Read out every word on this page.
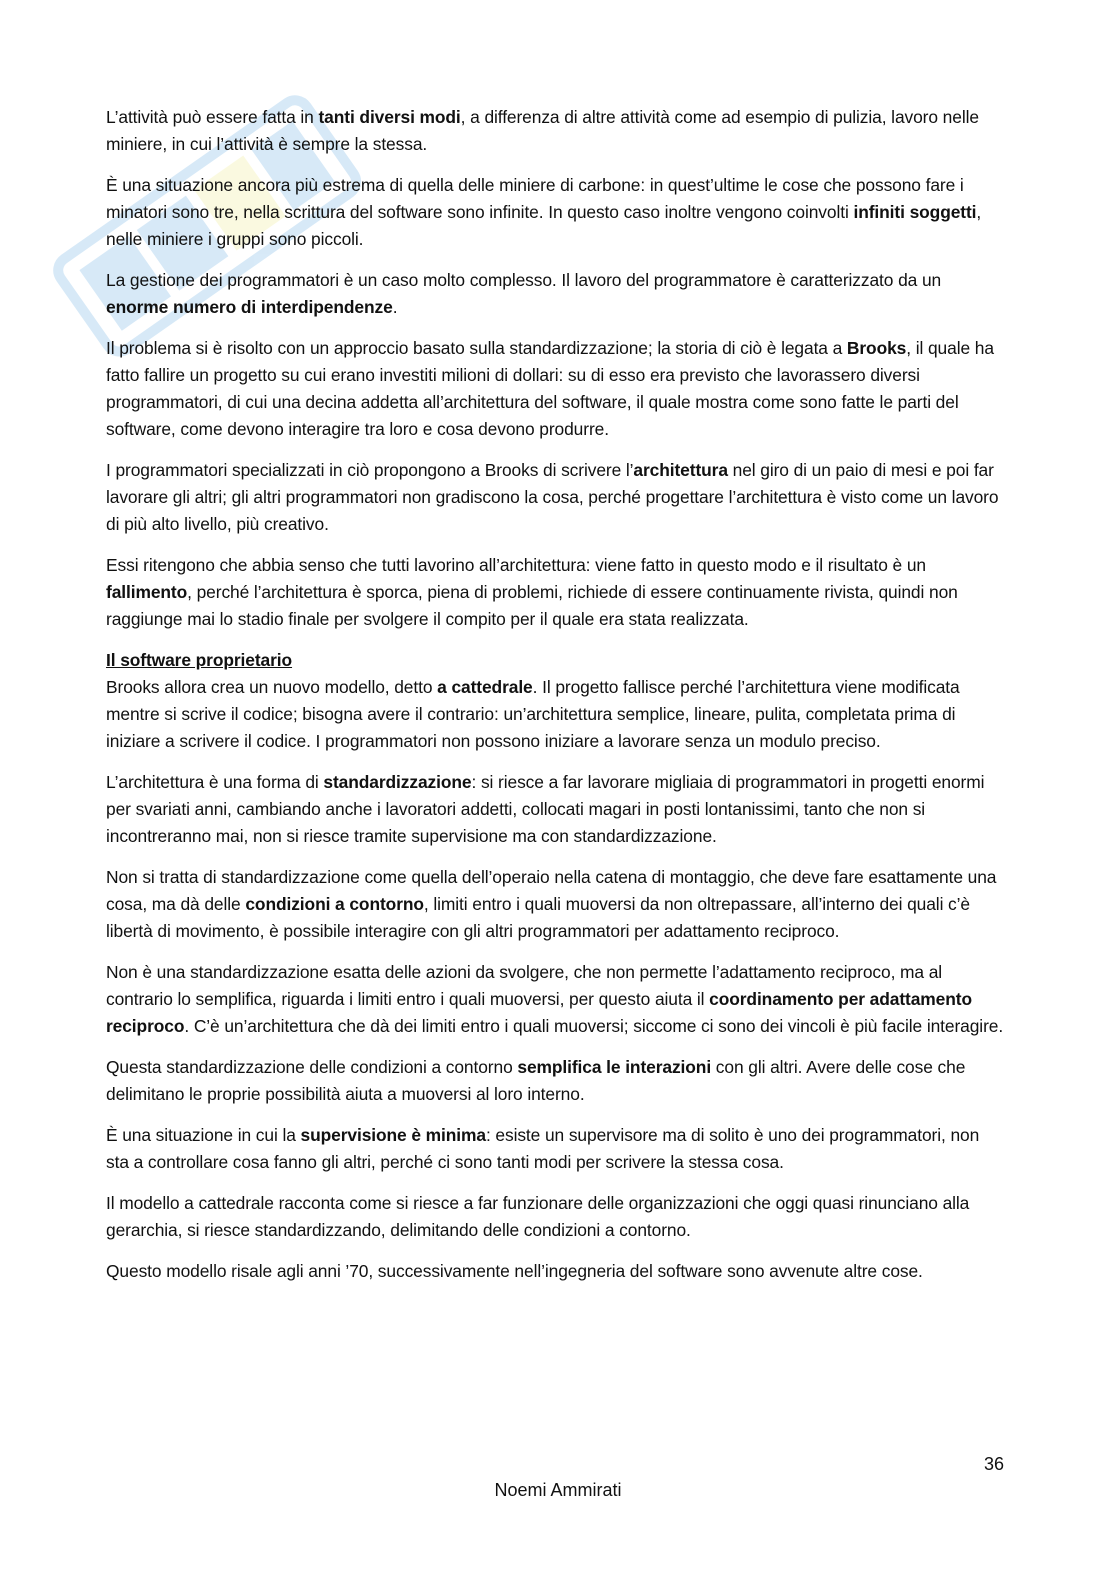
L’attività può essere fatta in tanti diversi modi, a differenza di altre attività come ad esempio di pulizia, lavoro nelle miniere, in cui l’attività è sempre la stessa.

È una situazione ancora più estrema di quella delle miniere di carbone: in quest’ultime le cose che possono fare i minatori sono tre, nella scrittura del software sono infinite. In questo caso inoltre vengono coinvolti infiniti soggetti, nelle miniere i gruppi sono piccoli.

La gestione dei programmatori è un caso molto complesso. Il lavoro del programmatore è caratterizzato da un enorme numero di interdipendenze.

Il problema si è risolto con un approccio basato sulla standardizzazione; la storia di ciò è legata a Brooks, il quale ha fatto fallire un progetto su cui erano investiti milioni di dollari: su di esso era previsto che lavorassero diversi programmatori, di cui una decina addetta all’architettura del software, il quale mostra come sono fatte le parti del software, come devono interagire tra loro e cosa devono produrre.

I programmatori specializzati in ciò propongono a Brooks di scrivere l’architettura nel giro di un paio di mesi e poi far lavorare gli altri; gli altri programmatori non gradiscono la cosa, perché progettare l’architettura è visto come un lavoro di più alto livello, più creativo.

Essi ritengono che abbia senso che tutti lavorino all’architettura: viene fatto in questo modo e il risultato è un fallimento, perché l’architettura è sporca, piena di problemi, richiede di essere continuamente rivista, quindi non raggiunge mai lo stadio finale per svolgere il compito per il quale era stata realizzata.

Il software proprietario
Brooks allora crea un nuovo modello, detto a cattedrale. Il progetto fallisce perché l’architettura viene modificata mentre si scrive il codice; bisogna avere il contrario: un’architettura semplice, lineare, pulita, completata prima di iniziare a scrivere il codice. I programmatori non possono iniziare a lavorare senza un modulo preciso.

L’architettura è una forma di standardizzazione: si riesce a far lavorare migliaia di programmatori in progetti enormi per svariati anni, cambiando anche i lavoratori addetti, collocati magari in posti lontanissimi, tanto che non si incontreranno mai, non si riesce tramite supervisione ma con standardizzazione.

Non si tratta di standardizzazione come quella dell’operaio nella catena di montaggio, che deve fare esattamente una cosa, ma dà delle condizioni a contorno, limiti entro i quali muoversi da non oltrepassare, all’interno dei quali c’è libertà di movimento, è possibile interagire con gli altri programmatori per adattamento reciproco.

Non è una standardizzazione esatta delle azioni da svolgere, che non permette l’adattamento reciproco, ma al contrario lo semplifica, riguarda i limiti entro i quali muoversi, per questo aiuta il coordinamento per adattamento reciproco. C’è un’architettura che dà dei limiti entro i quali muoversi; siccome ci sono dei vincoli è più facile interagire.

Questa standardizzazione delle condizioni a contorno semplifica le interazioni con gli altri. Avere delle cose che delimitano le proprie possibilità aiuta a muoversi al loro interno.

È una situazione in cui la supervisione è minima: esiste un supervisore ma di solito è uno dei programmatori, non sta a controllare cosa fanno gli altri, perché ci sono tanti modi per scrivere la stessa cosa.

Il modello a cattedrale racconta come si riesce a far funzionare delle organizzazioni che oggi quasi rinunciano alla gerarchia, si riesce standardizzando, delimitando delle condizioni a contorno.

Questo modello risale agli anni ’70, successivamente nell’ingegneria del software sono avvenute altre cose.

36
Noemi Ammirati
